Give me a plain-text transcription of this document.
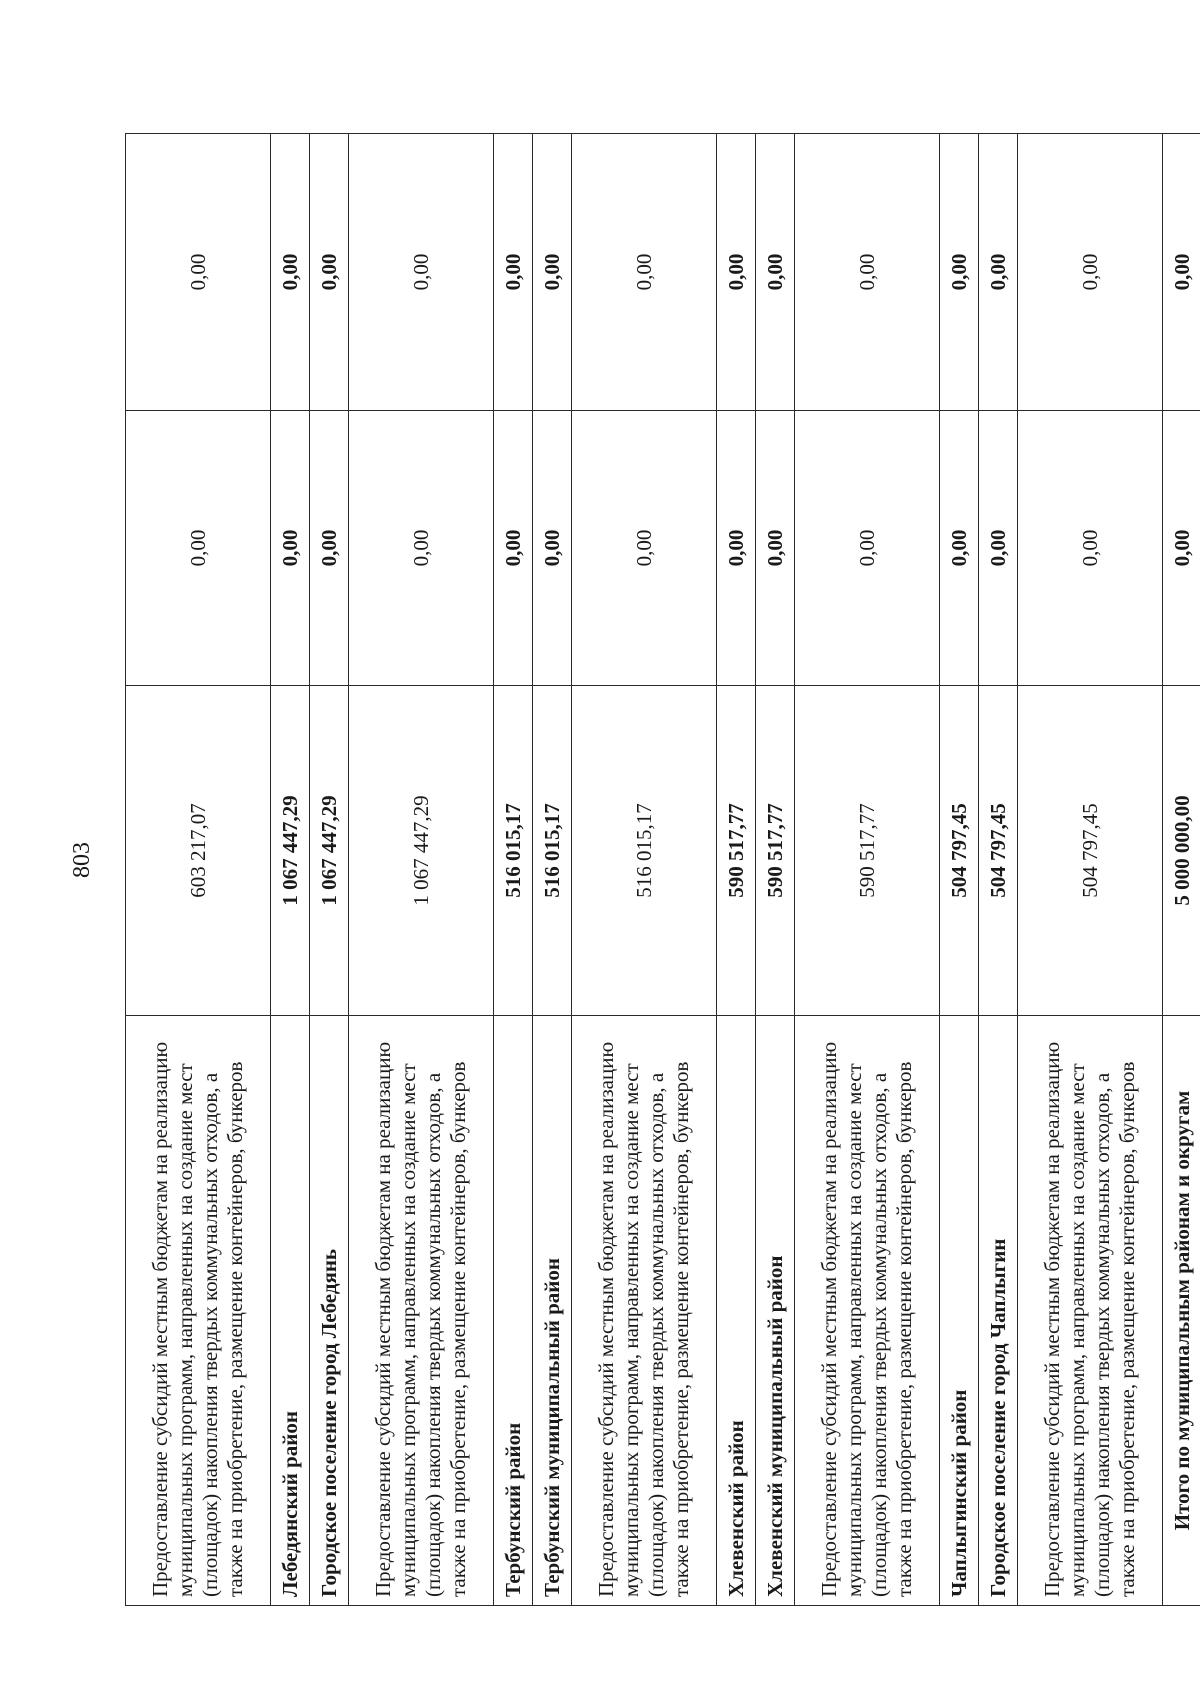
803
Предоставление субсидий местным бюджетам на реализацию муниципальных программ, направленных на создание мест (площадок) накопления твердых коммунальных отходов, а также на приобретение, размещение контейнеров, бункеров	603 217,07	0,00	0,00
Лебедянский район	1 067 447,29	0,00	0,00
Городское поселение город Лебедянь	1 067 447,29	0,00	0,00
Предоставление субсидий местным бюджетам на реализацию муниципальных программ, направленных на создание мест (площадок) накопления твердых коммунальных отходов, а также на приобретение, размещение контейнеров, бункеров	1 067 447,29	0,00	0,00
Тербунский район	516 015,17	0,00	0,00
Тербунский муниципальный район	516 015,17	0,00	0,00
Предоставление субсидий местным бюджетам на реализацию муниципальных программ, направленных на создание мест (площадок) накопления твердых коммунальных отходов, а также на приобретение, размещение контейнеров, бункеров	516 015,17	0,00	0,00
Хлевенский район	590 517,77	0,00	0,00
Хлевенский муниципальный район	590 517,77	0,00	0,00
Предоставление субсидий местным бюджетам на реализацию муниципальных программ, направленных на создание мест (площадок) накопления твердых коммунальных отходов, а также на приобретение, размещение контейнеров, бункеров	590 517,77	0,00	0,00
Чаплыгинский район	504 797,45	0,00	0,00
Городское поселение город Чаплыгин	504 797,45	0,00	0,00
Предоставление субсидий местным бюджетам на реализацию муниципальных программ, направленных на создание мест (площадок) накопления твердых коммунальных отходов, а также на приобретение, размещение контейнеров, бункеров	504 797,45	0,00	0,00
Итого по муниципальным районам и округам	5 000 000,00	0,00	0,00
